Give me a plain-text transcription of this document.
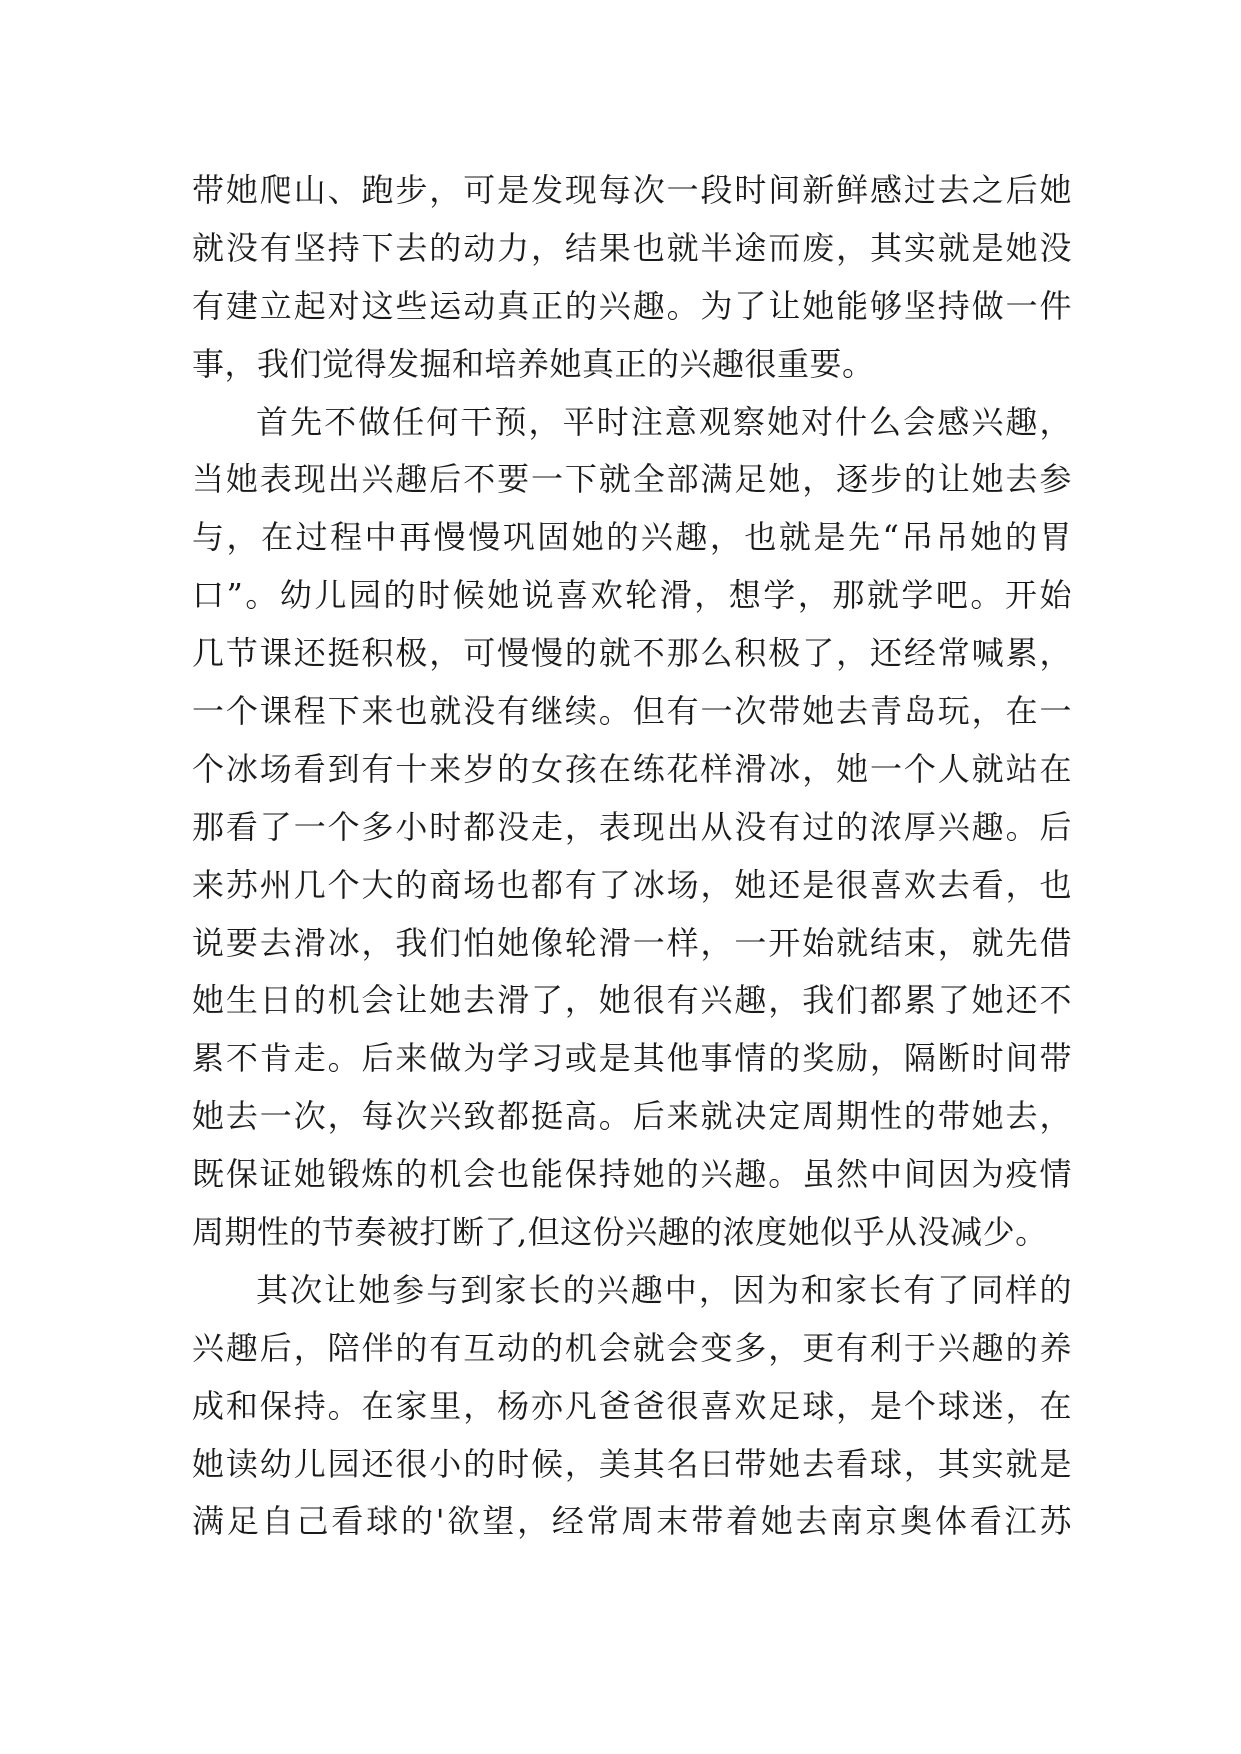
带她爬山、跑步，可是发现每次一段时间新鲜感过去之后她
就没有坚持下去的动力，结果也就半途而废，其实就是她没
有建立起对这些运动真正的兴趣。为了让她能够坚持做一件
事，我们觉得发掘和培养她真正的兴趣很重要。
首先不做任何干预，平时注意观察她对什么会感兴趣，
当她表现出兴趣后不要一下就全部满足她，逐步的让她去参
与，在过程中再慢慢巩固她的兴趣，也就是先“吊吊她的胃
口”。幼儿园的时候她说喜欢轮滑，想学，那就学吧。开始
几节课还挺积极，可慢慢的就不那么积极了，还经常喊累，
一个课程下来也就没有继续。但有一次带她去青岛玩，在一
个冰场看到有十来岁的女孩在练花样滑冰，她一个人就站在
那看了一个多小时都没走，表现出从没有过的浓厚兴趣。后
来苏州几个大的商场也都有了冰场，她还是很喜欢去看，也
说要去滑冰，我们怕她像轮滑一样，一开始就结束，就先借
她生日的机会让她去滑了，她很有兴趣，我们都累了她还不
累不肯走。后来做为学习或是其他事情的奖励，隔断时间带
她去一次，每次兴致都挺高。后来就决定周期性的带她去，
既保证她锻炼的机会也能保持她的兴趣。虽然中间因为疫情
周期性的节奏被打断了,但这份兴趣的浓度她似乎从没减少。
其次让她参与到家长的兴趣中，因为和家长有了同样的
兴趣后，陪伴的有互动的机会就会变多，更有利于兴趣的养
成和保持。在家里，杨亦凡爸爸很喜欢足球，是个球迷，在
她读幼儿园还很小的时候，美其名曰带她去看球，其实就是
满足自己看球的'欲望，经常周末带着她去南京奥体看江苏
